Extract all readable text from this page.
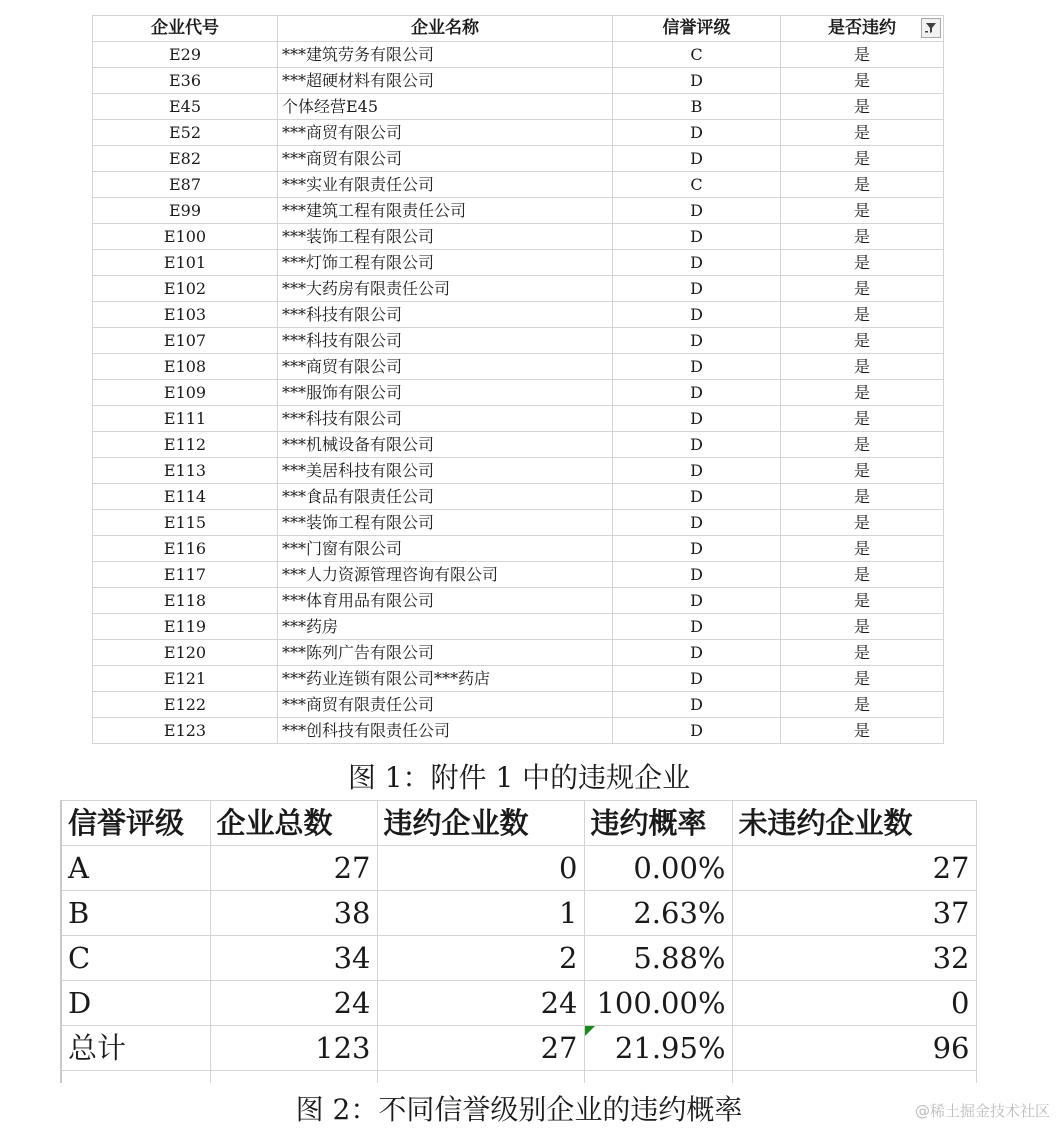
企业代号	企业名称	信誉评级	是否违约

E29	***建筑劳务有限公司	C	是
E36	***超硬材料有限公司	D	是
E45	个体经营E45	B	是
E52	***商贸有限公司	D	是
E82	***商贸有限公司	D	是
E87	***实业有限责任公司	C	是
E99	***建筑工程有限责任公司	D	是
E100	***装饰工程有限公司	D	是
E101	***灯饰工程有限公司	D	是
E102	***大药房有限责任公司	D	是
E103	***科技有限公司	D	是
E107	***科技有限公司	D	是
E108	***商贸有限公司	D	是
E109	***服饰有限公司	D	是
E111	***科技有限公司	D	是
E112	***机械设备有限公司	D	是
E113	***美居科技有限公司	D	是
E114	***食品有限责任公司	D	是
E115	***装饰工程有限公司	D	是
E116	***门窗有限公司	D	是
E117	***人力资源管理咨询有限公司	D	是
E118	***体育用品有限公司	D	是
E119	***药房	D	是
E120	***陈列广告有限公司	D	是
E121	***药业连锁有限公司***药店	D	是
E122	***商贸有限责任公司	D	是
E123	***创科技有限责任公司	D	是
图 1：附件 1 中的违规企业
信誉评级	企业总数	违约企业数	违约概率	未违约企业数
A	27	0	0.00%	27
B	38	1	2.63%	37
C	34	2	5.88%	32
D	24	24	100.00%	0
总计	123	27	21.95%	96

图 2：不同信誉级别企业的违约概率	@稀土掘金技术社区
